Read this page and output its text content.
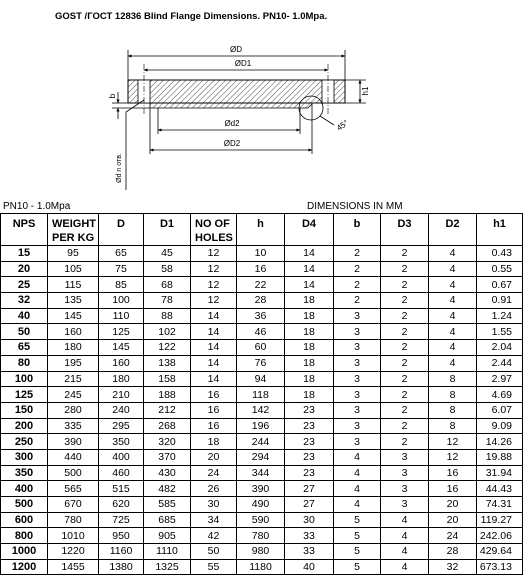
GOST /ГОСТ 12836 Blind Flange Dimensions. PN10- 1.0Mpa.
ØD
ØD1
Ød2
ØD2
h1
b
45°
Ød n отв.
PN10 - 1.0Mpa	DIMENSIONS IN MM
NPS	WEIGHT PER KG	D	D1	NO OF HOLES	h	D4	b	D3	D2	h1
15	95	65	45	12	10	14	2	2	4	0.43
20	105	75	58	12	16	14	2	2	4	0.55
25	115	85	68	12	22	14	2	2	4	0.67
32	135	100	78	12	28	18	2	2	4	0.91
40	145	110	88	14	36	18	3	2	4	1.24
50	160	125	102	14	46	18	3	2	4	1.55
65	180	145	122	14	60	18	3	2	4	2.04
80	195	160	138	14	76	18	3	2	4	2.44
100	215	180	158	14	94	18	3	2	8	2.97
125	245	210	188	16	118	18	3	2	8	4.69
150	280	240	212	16	142	23	3	2	8	6.07
200	335	295	268	16	196	23	3	2	8	9.09
250	390	350	320	18	244	23	3	2	12	14.26
300	440	400	370	20	294	23	4	3	12	19.88
350	500	460	430	24	344	23	4	3	16	31.94
400	565	515	482	26	390	27	4	3	16	44.43
500	670	620	585	30	490	27	4	3	20	74.31
600	780	725	685	34	590	30	5	4	20	119.27
800	1010	950	905	42	780	33	5	4	24	242.06
1000	1220	1160	1110	50	980	33	5	4	28	429.64
1200	1455	1380	1325	55	1180	40	5	4	32	673.13
